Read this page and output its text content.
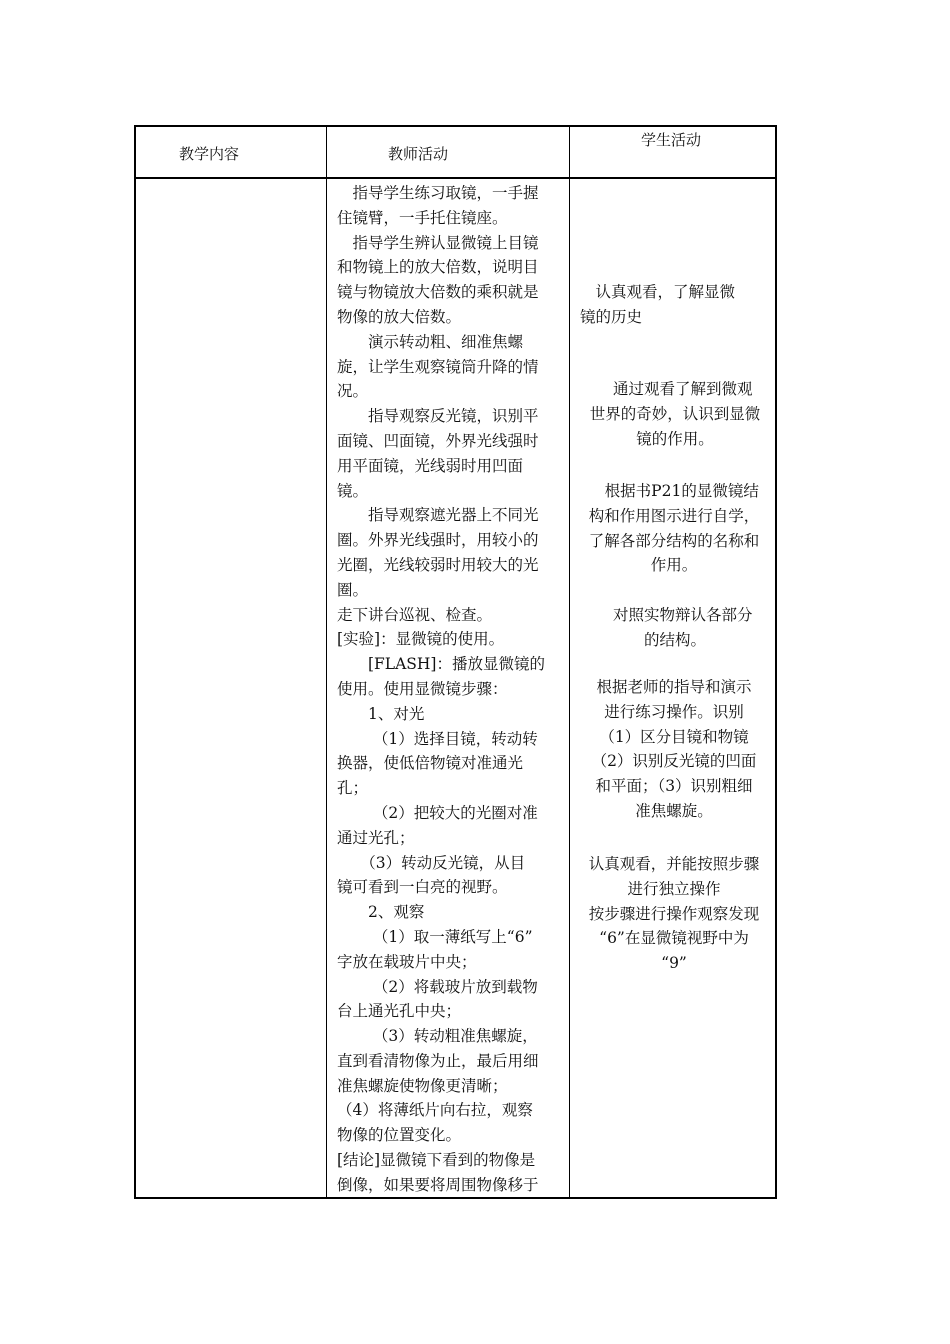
教学内容	教师活动
学生活动
　指导学生练习取镜，一手握
住镜臂，一手托住镜座。
　指导学生辨认显微镜上目镜
和物镜上的放大倍数，说明目
镜与物镜放大倍数的乘积就是
物像的放大倍数。
　　演示转动粗、细准焦螺
旋，让学生观察镜筒升降的情
况。
　　指导观察反光镜，识别平
面镜、凹面镜，外界光线强时
用平面镜，光线弱时用凹面
镜。
　　指导观察遮光器上不同光
圈。外界光线强时，用较小的
光圈，光线较弱时用较大的光
圈。
走下讲台巡视、检查。
[实验]：显微镜的使用。
　　[FLASH]：播放显微镜的
使用。使用显微镜步骤：
　　1、对光
　　 （1）选择目镜，转动转
换器，使低倍物镜对准通光
孔；
　　 （2）把较大的光圈对准
通过光孔；
　　（3）转动反光镜，从目
镜可看到一白亮的视野。
　　2、观察
　　 （1）取一薄纸写上“6”
字放在载玻片中央；
　　 （2）将载玻片放到载物
台上通光孔中央；
　　 （3）转动粗准焦螺旋，
直到看清物像为止，最后用细
准焦螺旋使物像更清晰；
（4）将薄纸片向右拉，观察
物像的位置变化。
[结论]显微镜下看到的物像是
倒像，如果要将周围物像移于
　认真观看，了解显微
镜的历史
　通过观看了解到微观
世界的奇妙，认识到显微
镜的作用。
　根据书P21的显微镜结
构和作用图示进行自学，
了解各部分结构的名称和
作用。
　对照实物辩认各部分
的结构。
根据老师的指导和演示
进行练习操作。识别
（1）区分目镜和物镜
（2）识别反光镜的凹面
和平面；（3）识别粗细
准焦螺旋。
认真观看，并能按照步骤
进行独立操作
按步骤进行操作观察发现
“6”在显微镜视野中为
“9”
